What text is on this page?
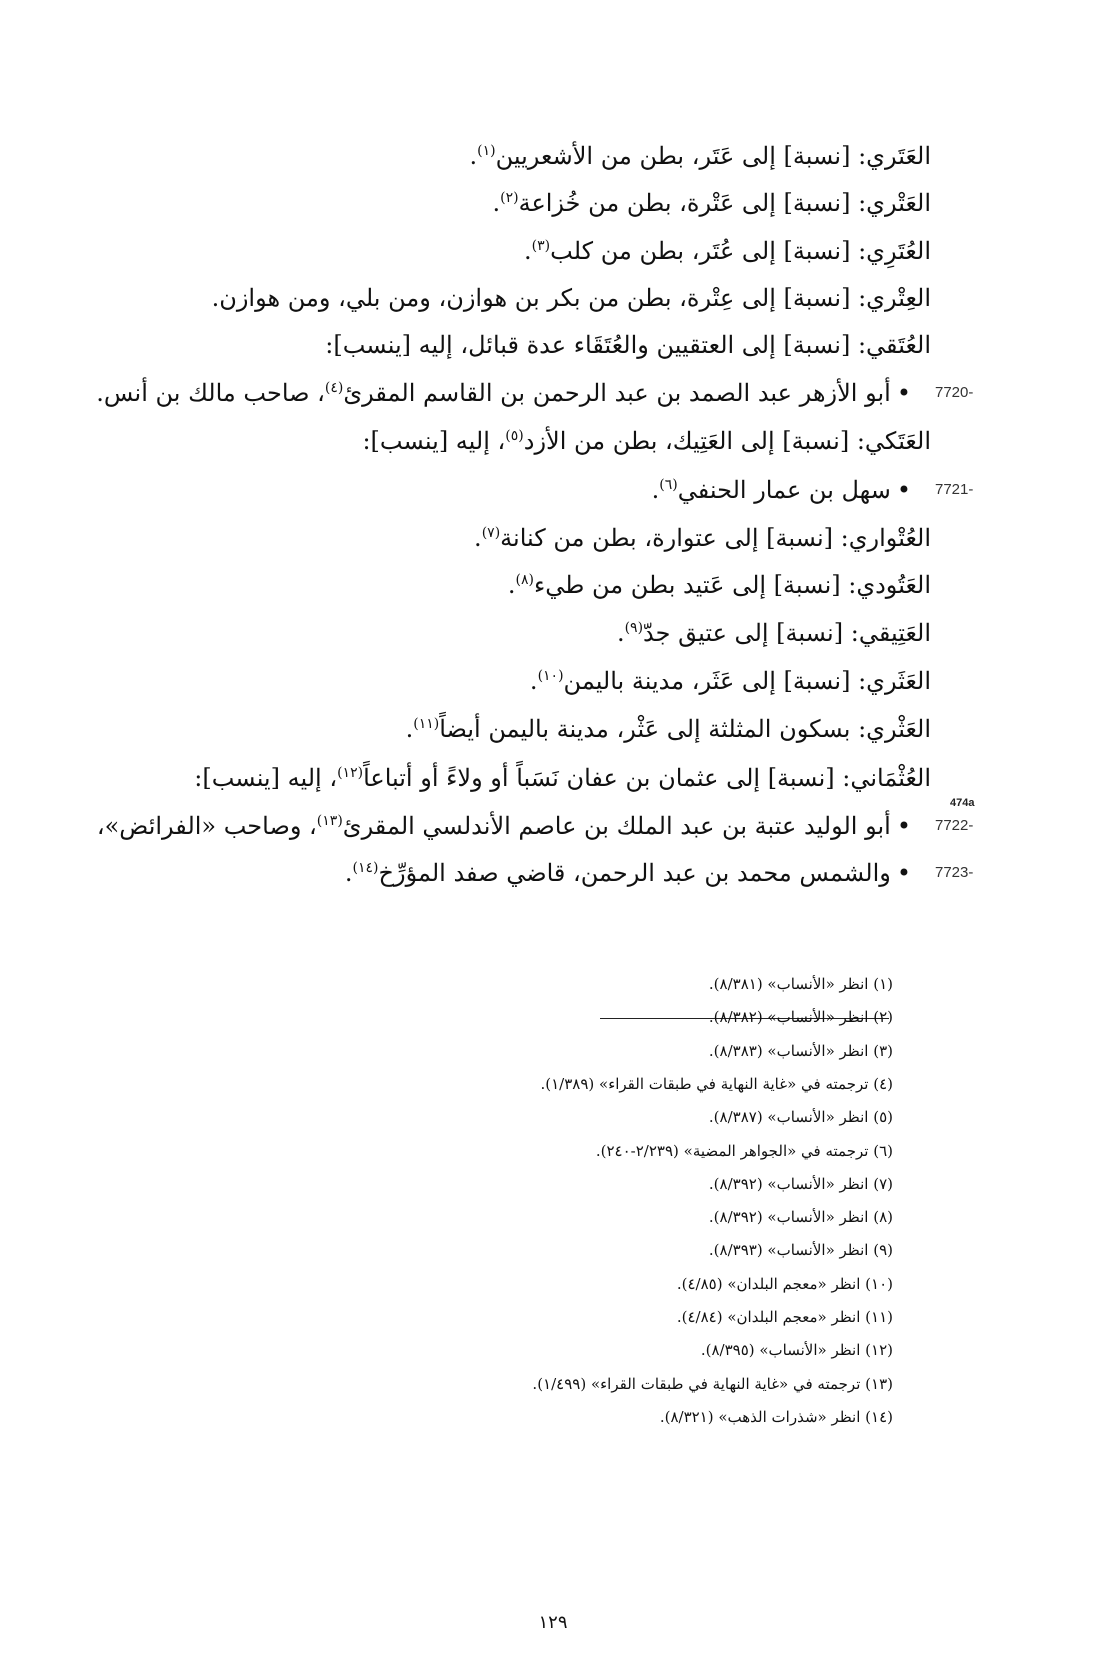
العَتَري: [نسبة] إلى عَتَر، بطن من الأشعريين$^{(١)}$.
العَتْري: [نسبة] إلى عَتْرة، بطن من خُزاعة$^{(٢)}$.
العُتَرِي: [نسبة] إلى عُتَر، بطن من كلب$^{(٣)}$.
العِتْري: [نسبة] إلى عِتْرة، بطن من بكر بن هوازن، ومن بلي، ومن هوازن.
العُتَقي: [نسبة] إلى العتقيين والعُتَقَاء عدة قبائل، إليه [ينسب]:
•أبو الأزهر عبد الصمد بن عبد الرحمن بن القاسم المقرئ$^{(٤)}$، صاحب مالك بن أنس.	7720-
العَتَكي: [نسبة] إلى العَتِيك، بطن من الأزد$^{(٥)}$، إليه [ينسب]:
•سهل بن عمار الحنفي$^{(٦)}$.	7721-
العُتْواري: [نسبة] إلى عتوارة، بطن من كنانة$^{(٧)}$.
العَتُودي: [نسبة] إلى عَتيد بطن من طيء$^{(٨)}$.
العَتِيقي: [نسبة] إلى عتيق جدّ$^{(٩)}$.
العَثَري: [نسبة] إلى عَثَر، مدينة باليمن$^{(١٠)}$.
العَثْري: بسكون المثلثة إلى عَثْر، مدينة باليمن أيضاً$^{(١١)}$.
العُثْمَاني: [نسبة] إلى عثمان بن عفان نَسَباً أو ولاءً أو أتباعاً$^{(١٢)}$، إليه [ينسب]:
•أبو الوليد عتبة بن عبد الملك بن عاصم الأندلسي المقرئ$^{(١٣)}$، وصاحب «الفرائض»،	7722-
•والشمس محمد بن عبد الرحمن، قاضي صفد المؤرِّخ$^{(١٤)}$.	7723-
474a
(١) انظر «الأنساب» (٨/٣٨١).
(٢) انظر «الأنساب» (٨/٣٨٢).
(٣) انظر «الأنساب» (٨/٣٨٣).
(٤) ترجمته في «غاية النهاية في طبقات القراء» (١/٣٨٩).
(٥) انظر «الأنساب» (٨/٣٨٧).
(٦) ترجمته في «الجواهر المضية» (٢/٢٣٩-٢٤٠).
(٧) انظر «الأنساب» (٨/٣٩٢).
(٨) انظر «الأنساب» (٨/٣٩٢).
(٩) انظر «الأنساب» (٨/٣٩٣).
(١٠) انظر «معجم البلدان» (٤/٨٥).
(١١) انظر «معجم البلدان» (٤/٨٤).
(١٢) انظر «الأنساب» (٨/٣٩٥).
(١٣) ترجمته في «غاية النهاية في طبقات القراء» (١/٤٩٩).
(١٤) انظر «شذرات الذهب» (٨/٣٢١).
١٢٩
